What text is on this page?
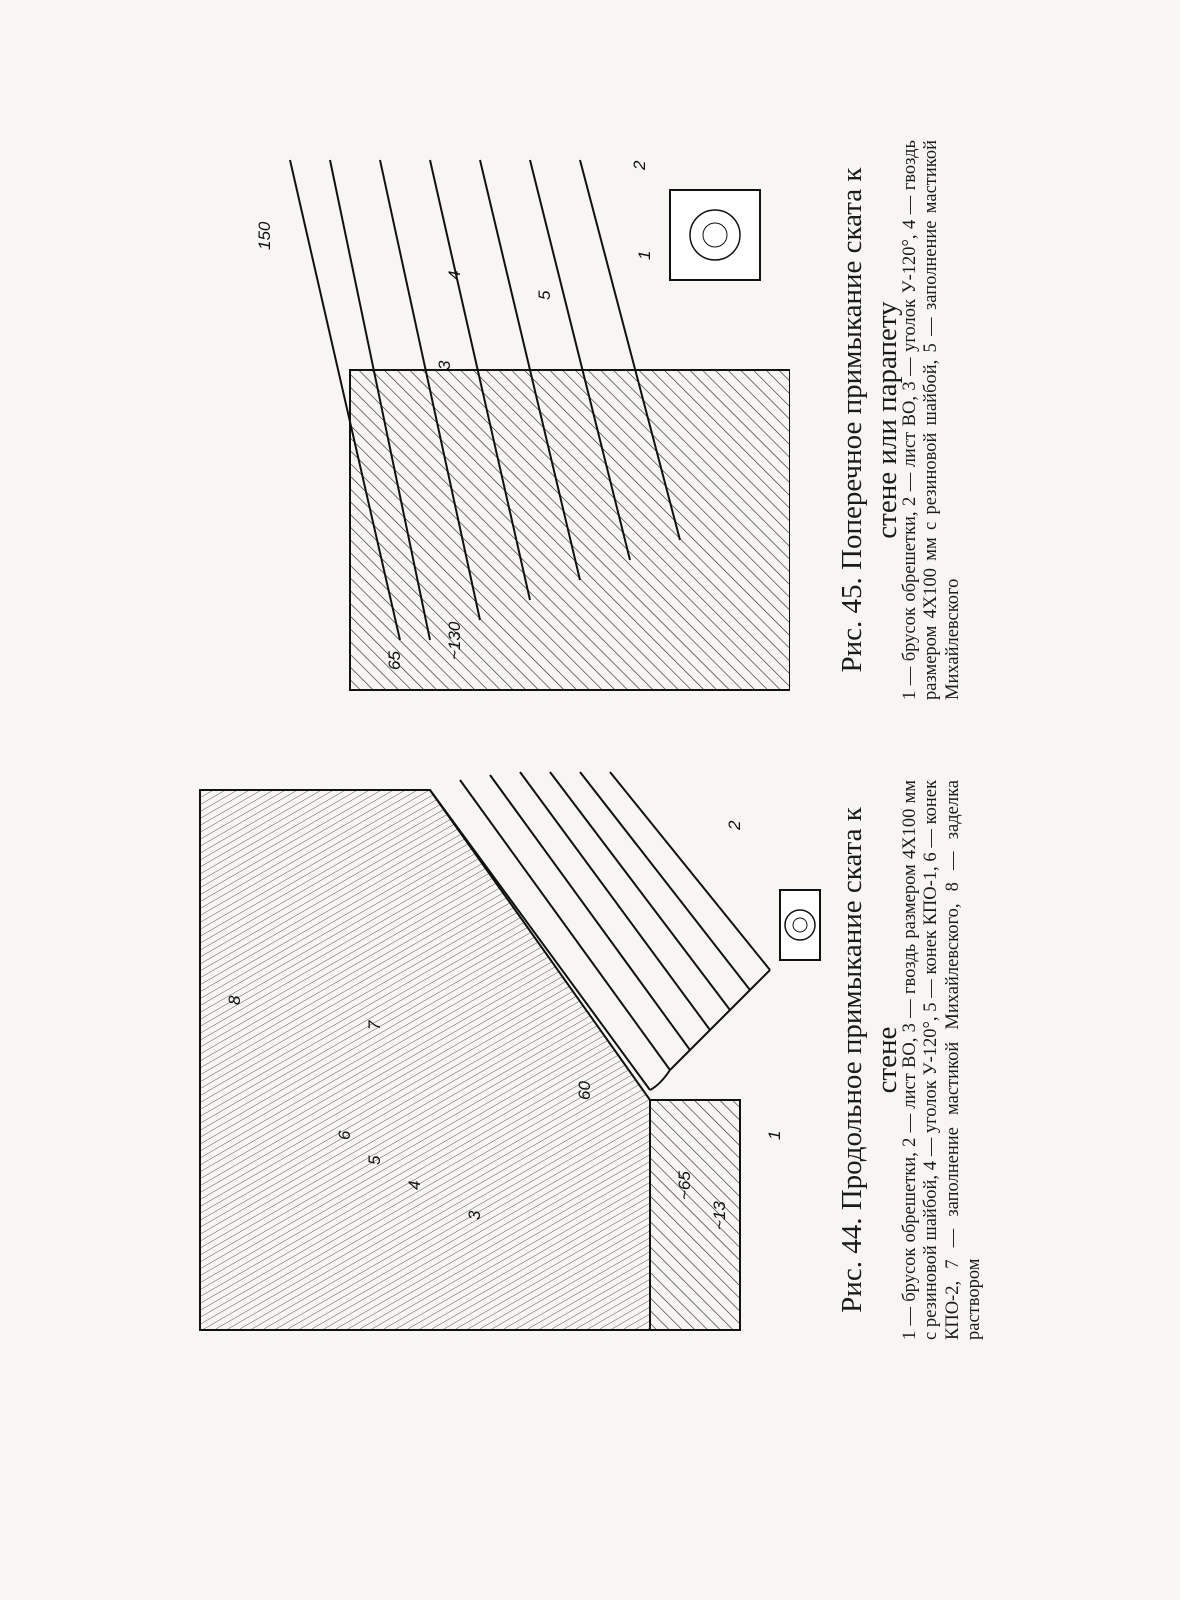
1
2
3
4
5
6
7
8
~65
~13
60	Рис. 44. Продольное примыкание ската к стене
1 — брусок обрешетки, 2 — лист ВО, 3 — гвоздь размером 4X100 мм с резиновой шайбой, 4 — уголок У-120°, 5 — конек КПО-1, 6 — конек КПО-2, 7 — заполнение мастикой Михайлевского, 8 — заделка раствором
1
2
3
4
5
65
~130
150	Рис. 45. Поперечное примыкание ската к стене или парапету
1 — брусок обрешетки, 2 — лист ВО, 3 — уголок У-120°, 4 — гвоздь размером 4X100 мм с резиновой шайбой, 5 — заполнение мастикой Михайлевского
